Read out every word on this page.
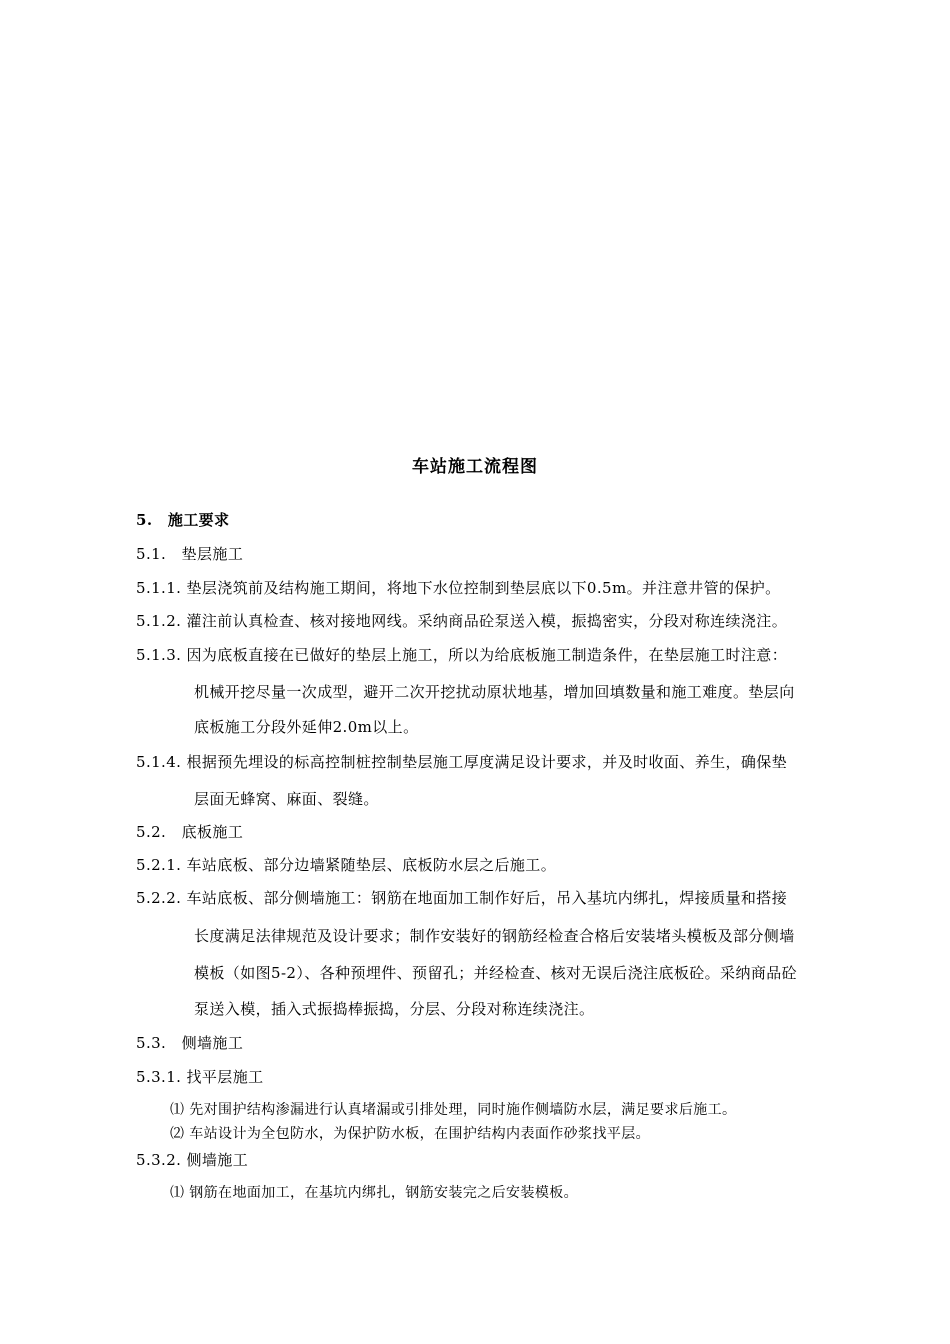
车站施工流程图
5.　施工要求
5.1.　垫层施工
5.1.1. 垫层浇筑前及结构施工期间，将地下水位控制到垫层底以下0.5m。并注意井管的保护。
5.1.2. 灌注前认真检查、核对接地网线。采纳商品砼泵送入模，振捣密实，分段对称连续浇注。
5.1.3. 因为底板直接在已做好的垫层上施工，所以为给底板施工制造条件，在垫层施工时注意：
机械开挖尽量一次成型，避开二次开挖扰动原状地基，增加回填数量和施工难度。垫层向
底板施工分段外延伸2.0m以上。
5.1.4. 根据预先埋设的标高控制桩控制垫层施工厚度满足设计要求，并及时收面、养生，确保垫
层面无蜂窝、麻面、裂缝。
5.2.　底板施工
5.2.1. 车站底板、部分边墙紧随垫层、底板防水层之后施工。
5.2.2. 车站底板、部分侧墙施工：钢筋在地面加工制作好后，吊入基坑内绑扎，焊接质量和搭接
长度满足法律规范及设计要求；制作安装好的钢筋经检查合格后安装堵头模板及部分侧墙
模板（如图5-2）、各种预埋件、预留孔；并经检查、核对无误后浇注底板砼。采纳商品砼
泵送入模，插入式振捣棒振捣，分层、分段对称连续浇注。
5.3.　侧墙施工
5.3.1. 找平层施工
⑴ 先对围护结构渗漏进行认真堵漏或引排处理，同时施作侧墙防水层，满足要求后施工。
⑵ 车站设计为全包防水，为保护防水板，在围护结构内表面作砂浆找平层。
5.3.2. 侧墙施工
⑴ 钢筋在地面加工，在基坑内绑扎，钢筋安装完之后安装模板。
